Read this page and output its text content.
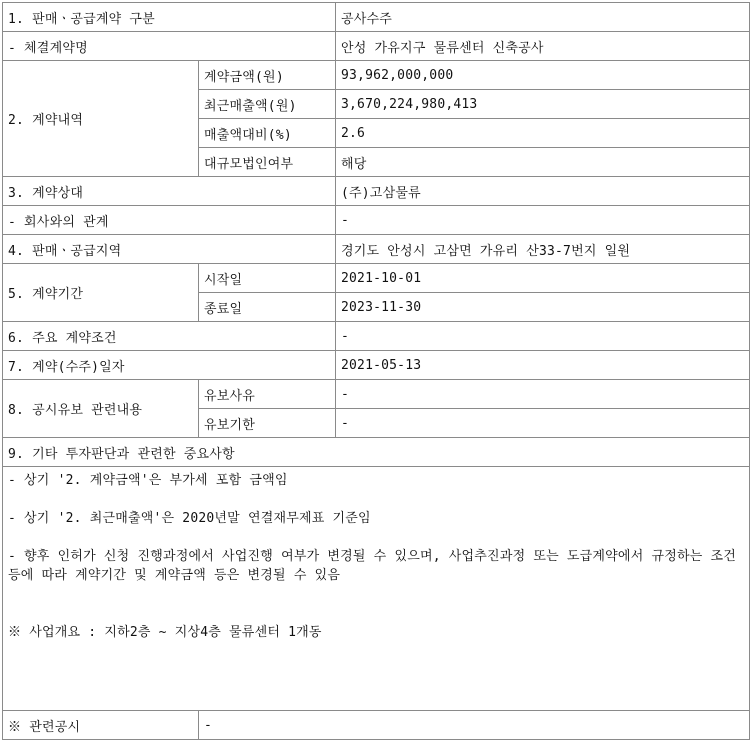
1. 판매ㆍ공급계약 구분		공사수주
- 체결계약명		안성 가유지구 물류센터 신축공사
2. 계약내역	계약금액(원)	93,962,000,000
	최근매출액(원)	3,670,224,980,413
	매출액대비(%)	2.6
	대규모법인여부	해당
3. 계약상대		(주)고삼물류
- 회사와의 관계		-
4. 판매ㆍ공급지역		경기도 안성시 고삼면 가유리 산33-7번지 일원
5. 계약기간	시작일	2021-10-01
	종료일	2023-11-30
6. 주요 계약조건		-
7. 계약(수주)일자		2021-05-13
8. 공시유보 관련내용	유보사유	-
	유보기한	-
9. 기타 투자판단과 관련한 중요사항		

- 상기 '2. 계약금액'은 부가세 포함 금액임
- 상기 '2. 최근매출액'은 2020년말 연결재무제표 기준임
- 향후 인허가 신청 진행과정에서 사업진행 여부가 변경될 수 있으며, 사업추진과정 또는 도급계약에서 규정하는 조건 등에 따라 계약기간 및 계약금액 등은 변경될 수 있음
※ 사업개요 : 지하2층 ~ 지상4층 물류센터 1개동		

※ 관련공시	-	
